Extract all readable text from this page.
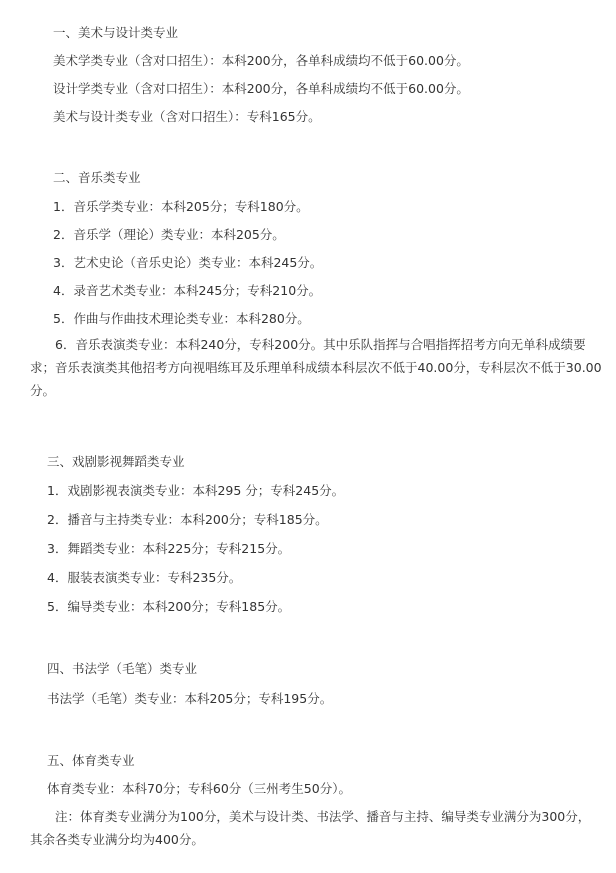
一、美术与设计类专业
美术学类专业（含对口招生）：本科200分，各单科成绩均不低于60.00分。
设计学类专业（含对口招生）：本科200分，各单科成绩均不低于60.00分。
美术与设计类专业（含对口招生）：专科165分。
二、音乐类专业
1．音乐学类专业：本科205分；专科180分。
2．音乐学（理论）类专业：本科205分。
3．艺术史论（音乐史论）类专业：本科245分。
4．录音艺术类专业：本科245分；专科210分。
5．作曲与作曲技术理论类专业：本科280分。
6．音乐表演类专业：本科240分，专科200分。其中乐队指挥与合唱指挥招考方向无单科成绩要求；音乐表演类其他招考方向视唱练耳及乐理单科成绩本科层次不低于40.00分，专科层次不低于30.00分。
三、戏剧影视舞蹈类专业
1．戏剧影视表演类专业：本科295 分；专科245分。
2．播音与主持类专业：本科200分；专科185分。
3．舞蹈类专业：本科225分；专科215分。
4．服装表演类专业：专科235分。
5．编导类专业：本科200分；专科185分。
四、书法学（毛笔）类专业
书法学（毛笔）类专业：本科205分；专科195分。
五、体育类专业
体育类专业：本科70分；专科60分（三州考生50分）。
注：体育类专业满分为100分，美术与设计类、书法学、播音与主持、编导类专业满分为300分，其余各类专业满分均为400分。
